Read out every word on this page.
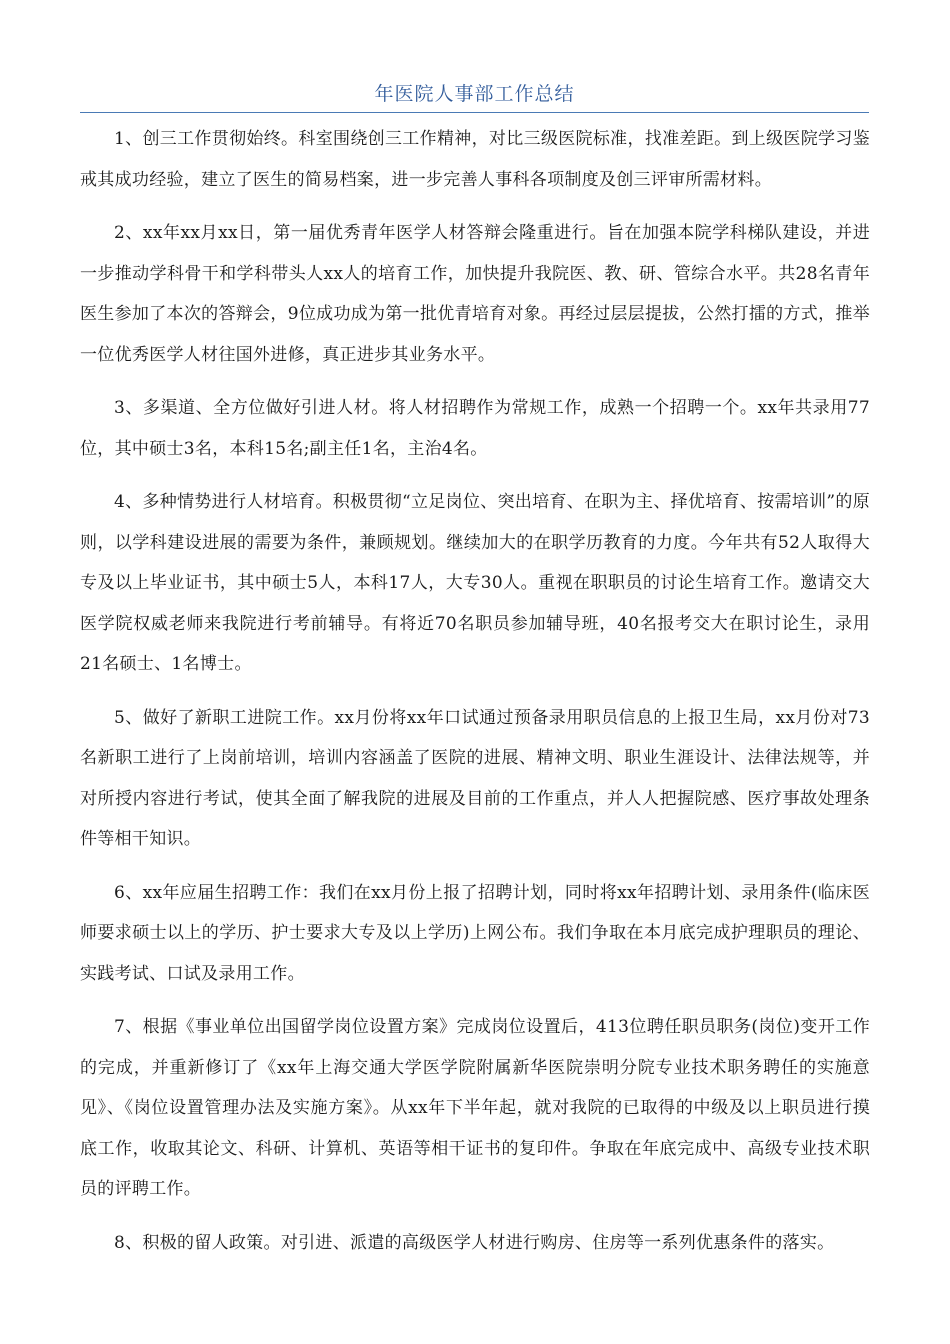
年医院人事部工作总结

1、创三工作贯彻始终。科室围绕创三工作精神，对比三级医院标准，找准差距。到上级医院学习鉴戒其成功经验，建立了医生的简易档案，进一步完善人事科各项制度及创三评审所需材料。

2、xx年xx月xx日，第一届优秀青年医学人材答辩会隆重进行。旨在加强本院学科梯队建设，并进一步推动学科骨干和学科带头人xx人的培育工作，加快提升我院医、教、研、管综合水平。共28名青年医生参加了本次的答辩会，9位成功成为第一批优青培育对象。再经过层层提拔，公然打擂的方式，推举一位优秀医学人材往国外进修，真正进步其业务水平。

3、多渠道、全方位做好引进人材。将人材招聘作为常规工作，成熟一个招聘一个。xx年共录用77位，其中硕士3名，本科15名;副主任1名，主治4名。

4、多种情势进行人材培育。积极贯彻“立足岗位、突出培育、在职为主、择优培育、按需培训”的原则，以学科建设进展的需要为条件，兼顾规划。继续加大的在职学历教育的力度。今年共有52人取得大专及以上毕业证书，其中硕士5人，本科17人，大专30人。重视在职职员的讨论生培育工作。邀请交大医学院权威老师来我院进行考前辅导。有将近70名职员参加辅导班，40名报考交大在职讨论生，录用21名硕士、1名博士。

5、做好了新职工进院工作。xx月份将xx年口试通过预备录用职员信息的上报卫生局，xx月份对73名新职工进行了上岗前培训，培训内容涵盖了医院的进展、精神文明、职业生涯设计、法律法规等，并对所授内容进行考试，使其全面了解我院的进展及目前的工作重点，并人人把握院感、医疗事故处理条件等相干知识。

6、xx年应届生招聘工作：我们在xx月份上报了招聘计划，同时将xx年招聘计划、录用条件(临床医师要求硕士以上的学历、护士要求大专及以上学历)上网公布。我们争取在本月底完成护理职员的理论、实践考试、口试及录用工作。

7、根据《事业单位出国留学岗位设置方案》完成岗位设置后，413位聘任职员职务(岗位)变开工作的完成，并重新修订了《xx年上海交通大学医学院附属新华医院崇明分院专业技术职务聘任的实施意见》、《岗位设置管理办法及实施方案》。从xx年下半年起，就对我院的已取得的中级及以上职员进行摸底工作，收取其论文、科研、计算机、英语等相干证书的复印件。争取在年底完成中、高级专业技术职员的评聘工作。

8、积极的留人政策。对引进、派遣的高级医学人材进行购房、住房等一系列优惠条件的落实。
